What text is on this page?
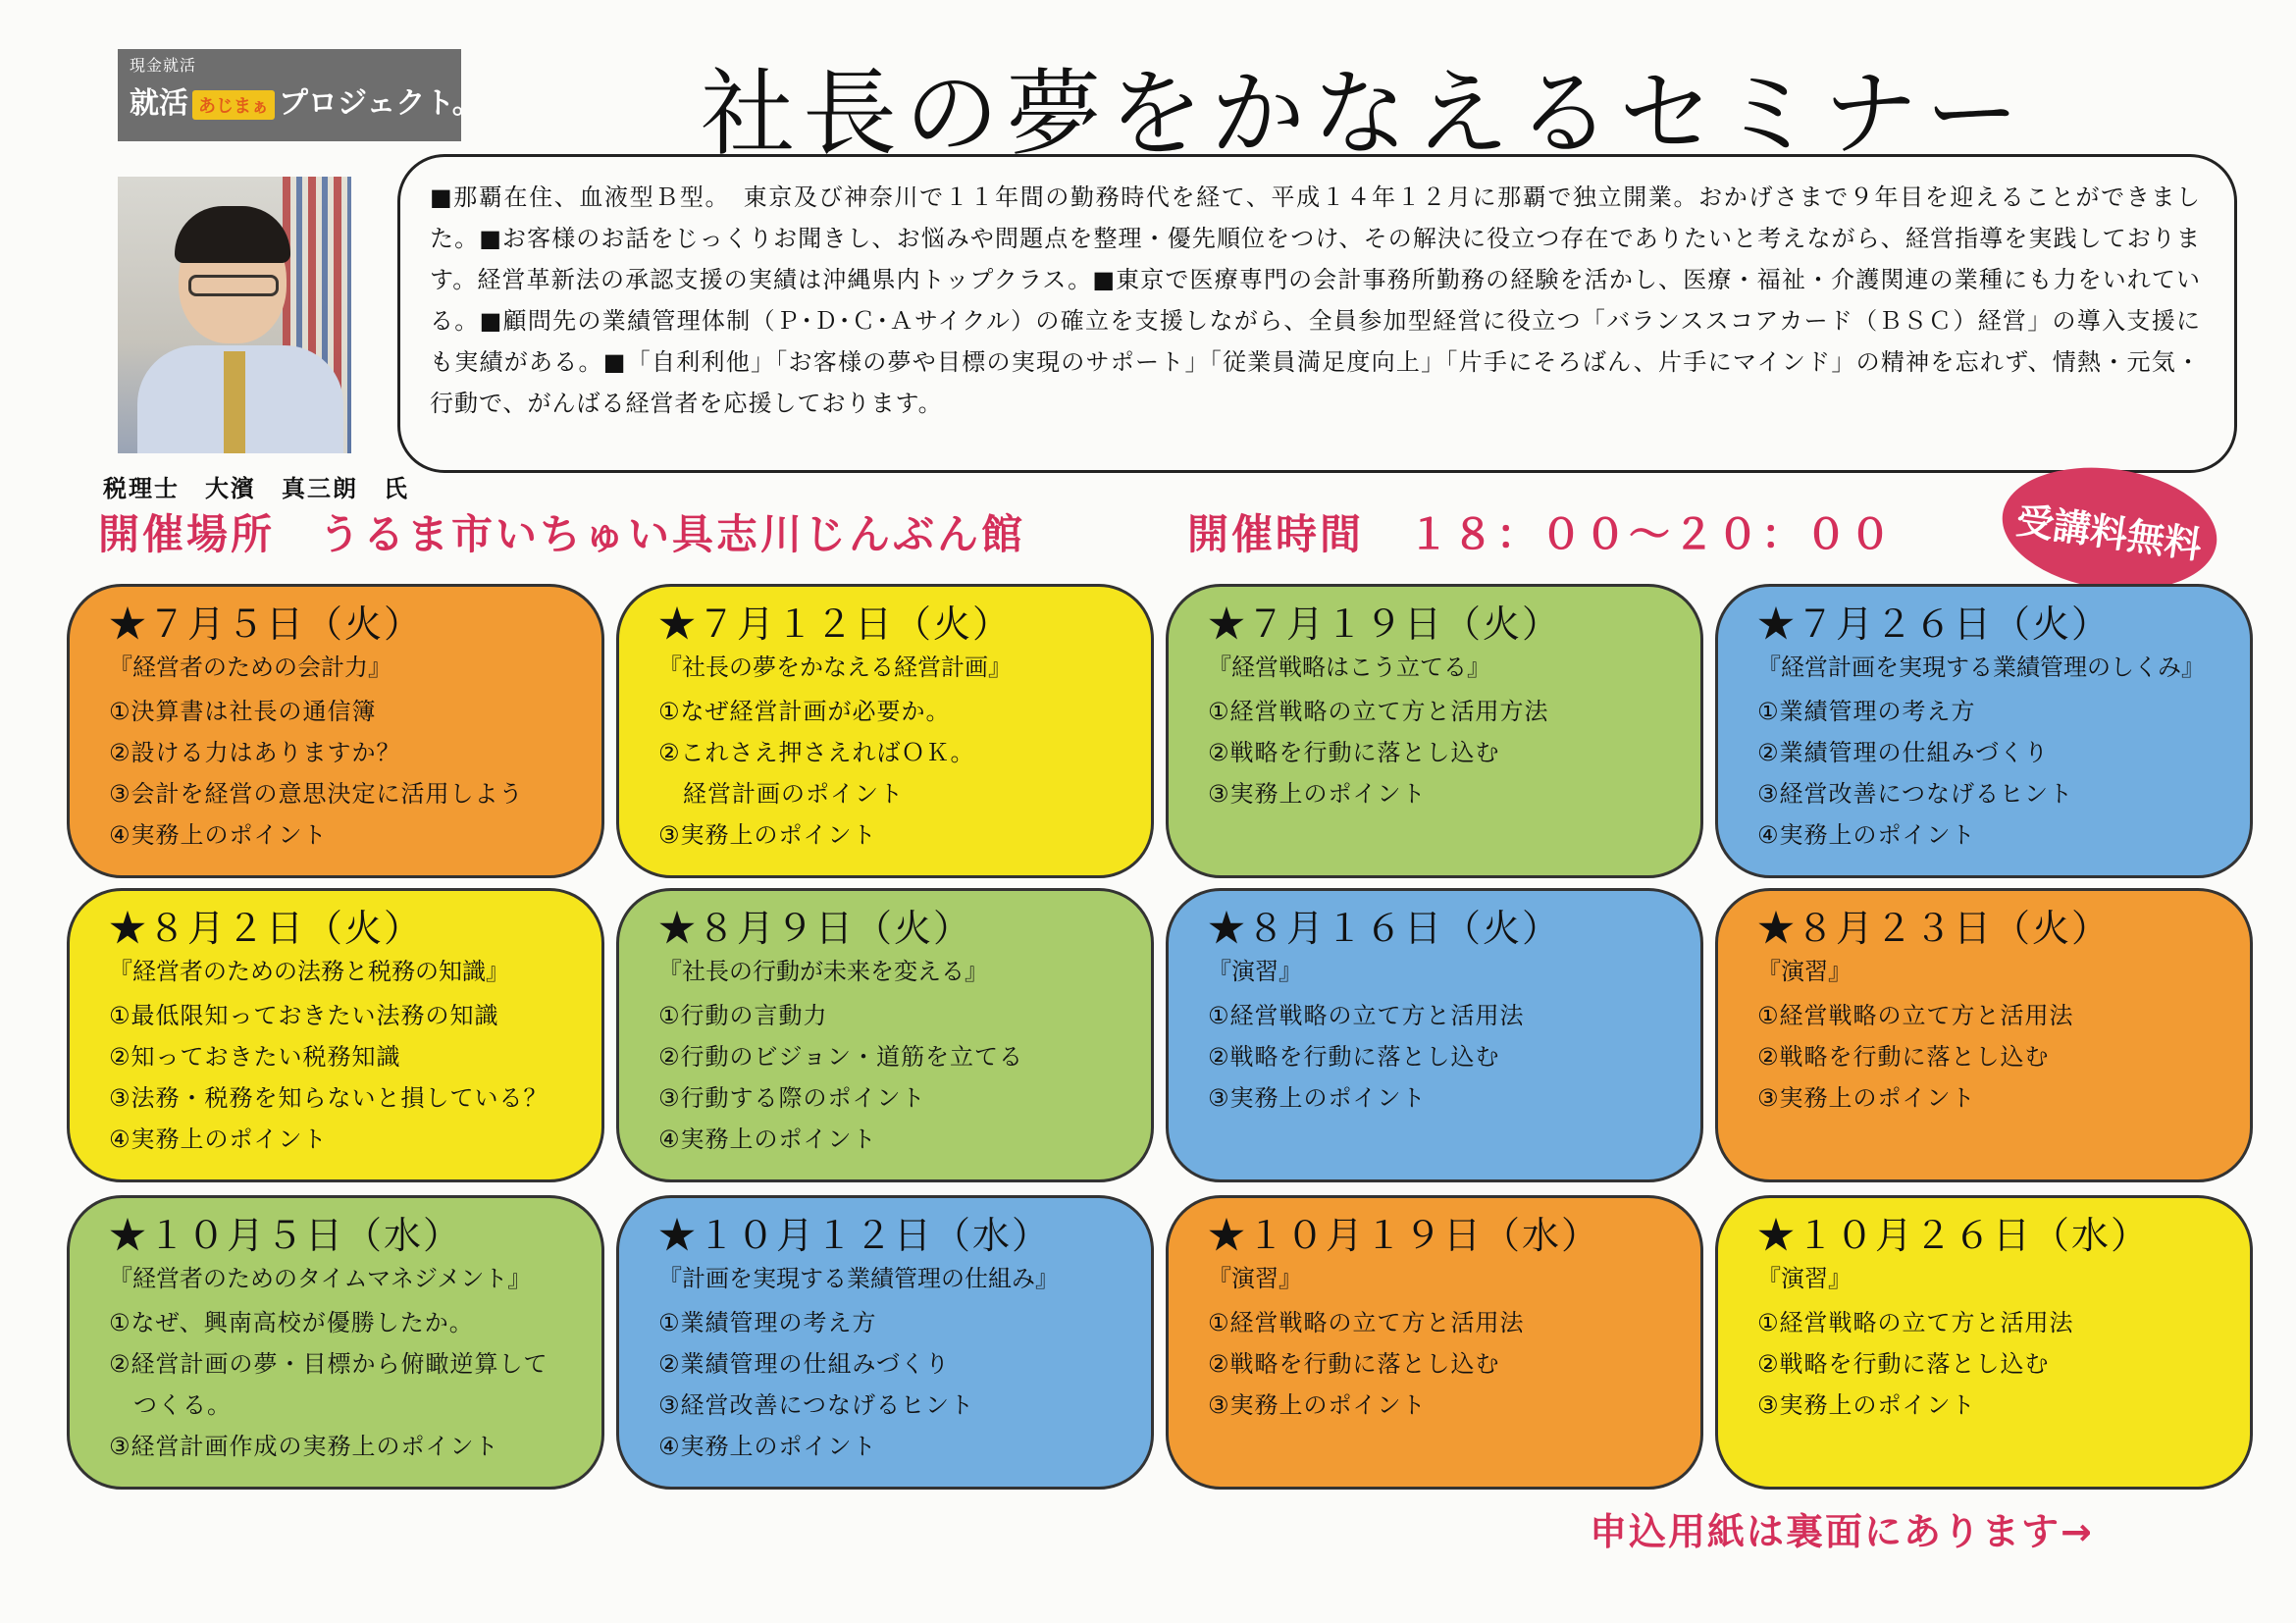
現金就活
就活 あじまぁ プロジェクト。 社長の夢をかなえるセミナー
税理士　大濱　真三朗　氏
■那覇在住、血液型Ｂ型。　東京及び神奈川で１１年間の勤務時代を経て、平成１４年１２月に那覇で独立開業。おかげさまで９年目を迎えることができました。■お客様のお話をじっくりお聞きし、お悩みや問題点を整理・優先順位をつけ、その解決に役立つ存在でありたいと考えながら、経営指導を実践しております。経営革新法の承認支援の実績は沖縄県内トップクラス。■東京で医療専門の会計事務所勤務の経験を活かし、医療・福祉・介護関連の業種にも力をいれている。■顧問先の業績管理体制（Ｐ･Ｄ･Ｃ･Ａサイクル）の確立を支援しながら、全員参加型経営に役立つ「バランススコアカード（ＢＳＣ）経営」の導入支援にも実績がある。■「自利利他」「お客様の夢や目標の実現のサポート」「従業員満足度向上」「片手にそろばん、片手にマインド」の精神を忘れず、情熱・元気・行動で、がんばる経営者を応援しております。
開催場所　うるま市いちゅい具志川じんぶん館	開催時間　１８：００～２０：００	受講料無料
★７月５日（火）
『経営者のための会計力』
①決算書は社長の通信簿
②設ける力はありますか？
③会計を経営の意思決定に活用しよう
④実務上のポイント
★７月１２日（火）
『社長の夢をかなえる経営計画』
①なぜ経営計画が必要か。
②これさえ押さえればＯＫ。
　経営計画のポイント
③実務上のポイント
★７月１９日（火）
『経営戦略はこう立てる』
①経営戦略の立て方と活用方法
②戦略を行動に落とし込む
③実務上のポイント
★７月２６日（火）
『経営計画を実現する業績管理のしくみ』
①業績管理の考え方
②業績管理の仕組みづくり
③経営改善につなげるヒント
④実務上のポイント
★８月２日（火）
『経営者のための法務と税務の知識』
①最低限知っておきたい法務の知識
②知っておきたい税務知識
③法務・税務を知らないと損している？
④実務上のポイント
★８月９日（火）
『社長の行動が未来を変える』
①行動の言動力
②行動のビジョン・道筋を立てる
③行動する際のポイント
④実務上のポイント
★８月１６日（火）
『演習』
①経営戦略の立て方と活用法
②戦略を行動に落とし込む
③実務上のポイント
★８月２３日（火）
『演習』
①経営戦略の立て方と活用法
②戦略を行動に落とし込む
③実務上のポイント
★１０月５日（水）
『経営者のためのタイムマネジメント』
①なぜ、興南高校が優勝したか。
②経営計画の夢・目標から俯瞰逆算して
　つくる。
③経営計画作成の実務上のポイント
★１０月１２日（水）
『計画を実現する業績管理の仕組み』
①業績管理の考え方
②業績管理の仕組みづくり
③経営改善につなげるヒント
④実務上のポイント
★１０月１９日（水）
『演習』
①経営戦略の立て方と活用法
②戦略を行動に落とし込む
③実務上のポイント
★１０月２６日（水）
『演習』
①経営戦略の立て方と活用法
②戦略を行動に落とし込む
③実務上のポイント
申込用紙は裏面にあります→
